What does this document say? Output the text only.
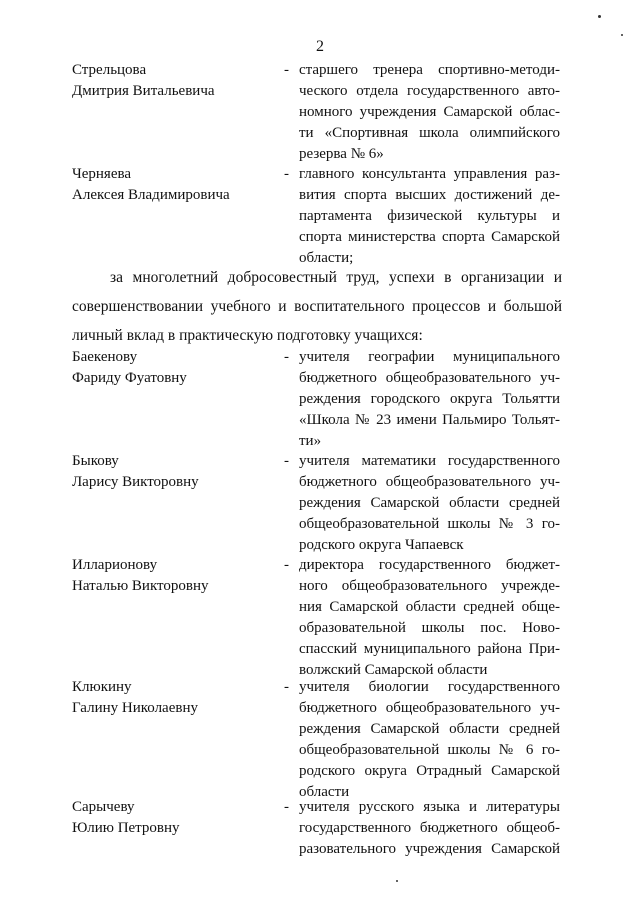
2
Стрельцова
Дмитрия Витальевича
- старшего тренера спортивно-методи-
ческого отдела государственного авто-
номного учреждения Самарской облас-
ти «Спортивная школа олимпийского
резерва № 6»
Черняева
Алексея Владимировича
- главного консультанта управления раз-
вития спорта высших достижений де-
партамента физической культуры и
спорта министерства спорта Самарской
области;
за многолетний добросовестный труд, успехи в организации и
совершенствовании учебного и воспитательного процессов и большой
личный вклад в практическую подготовку учащихся:
Баекенову
Фариду Фуатовну
- учителя географии муниципального
бюджетного общеобразовательного уч-
реждения городского округа Тольятти
«Школа № 23 имени Пальмиро Тольят-
ти»
Быкову
Ларису Викторовну
- учителя математики государственного
бюджетного общеобразовательного уч-
реждения Самарской области средней
общеобразовательной школы № 3 го-
родского округа Чапаевск
Илларионову
Наталью Викторовну
- директора государственного бюджет-
ного общеобразовательного учрежде-
ния Самарской области средней обще-
образовательной школы пос. Ново-
спасский муниципального района При-
волжский Самарской области
Клюкину
Галину Николаевну
- учителя биологии государственного
бюджетного общеобразовательного уч-
реждения Самарской области средней
общеобразовательной школы № 6 го-
родского округа Отрадный Самарской
области
Сарычеву
Юлию Петровну
- учителя русского языка и литературы
государственного бюджетного общеоб-
разовательного учреждения Самарской
